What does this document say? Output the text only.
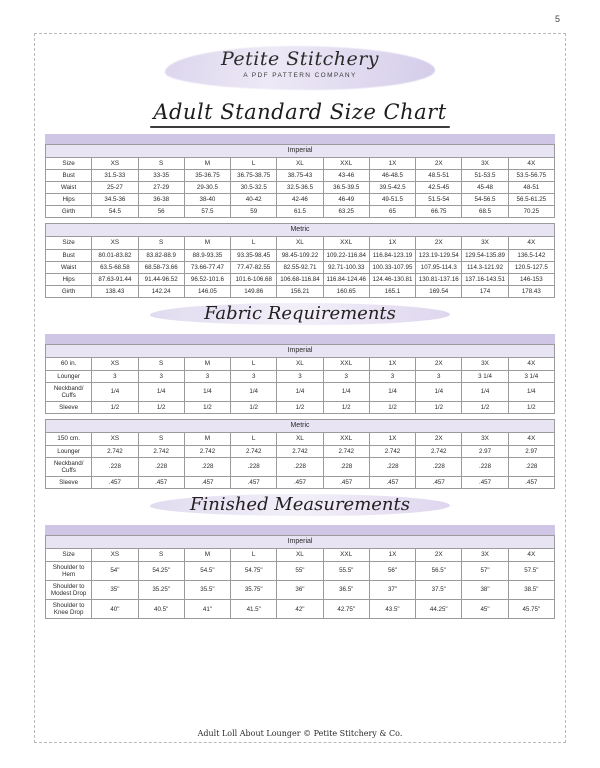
5
Petite Stitchery
A PDF PATTERN COMPANY
Adult Standard Size Chart
Imperial										
Size	XS	S	M	L	XL	XXL	1X	2X	3X	4X
Bust	31.5-33	33-35	35-36.75	36.75-38.75	38.75-43	43-46	46-48.5	48.5-51	51-53.5	53.5-56.75
Waist	25-27	27-29	29-30.5	30.5-32.5	32.5-36.5	36.5-39.5	39.5-42.5	42.5-45	45-48	48-51
Hips	34.5-36	36-38	38-40	40-42	42-46	46-49	49-51.5	51.5-54	54-56.5	56.5-61.25
Girth	54.5	56	57.5	59	61.5	63.25	65	66.75	68.5	70.25
Metric										
Size	XS	S	M	L	XL	XXL	1X	2X	3X	4X
Bust	80.01-83.82	83.82-88.9	88.9-93.35	93.35-98.45	98.45-109.22	109.22-116.84	116.84-123.19	123.19-129.54	129.54-135.89	136.5-142
Waist	63.5-68.58	68.58-73.66	73.66-77.47	77.47-82.55	82.55-92.71	92.71-100.33	100.33-107.95	107.95-114.3	114.3-121.92	120.5-127.5
Hips	87.63-91.44	91.44-96.52	96.52-101.6	101.6-106.68	106.68-116.84	116.84-124.46	124.46-130.81	130.81-137.16	137.16-143.51	146-153
Girth	138.43	142.24	146.05	149.86	156.21	160.65	165.1	169.54	174	178.43
Fabric Requirements
Imperial										
60 in.	XS	S	M	L	XL	XXL	1X	2X	3X	4X
Lounger	3	3	3	3	3	3	3	3	3 1/4	3 1/4
Neckband/ Cuffs	1/4	1/4	1/4	1/4	1/4	1/4	1/4	1/4	1/4	1/4
Sleeve	1/2	1/2	1/2	1/2	1/2	1/2	1/2	1/2	1/2	1/2
Metric										
150 cm.	XS	S	M	L	XL	XXL	1X	2X	3X	4X
Lounger	2.742	2.742	2.742	2.742	2.742	2.742	2.742	2.742	2.97	2.97
Neckband/ Cuffs	.228	.228	.228	.228	.228	.228	.228	.228	.228	.228
Sleeve	.457	.457	.457	.457	.457	.457	.457	.457	.457	.457
Finished Measurements
Imperial										
Size	XS	S	M	L	XL	XXL	1X	2X	3X	4X
Shoulder to Hem	54"	54.25"	54.5"	54.75"	55"	55.5"	56"	56.5"	57"	57.5"
Shoulder to Modest Drop	35"	35.25"	35.5"	35.75"	36"	36.5"	37"	37.5"	38"	38.5"
Shoulder to Knee Drop	40"	40.5"	41"	41.5"	42"	42.75"	43.5"	44.25"	45"	45.75"
Adult Loll About Lounger © Petite Stitchery & Co.
